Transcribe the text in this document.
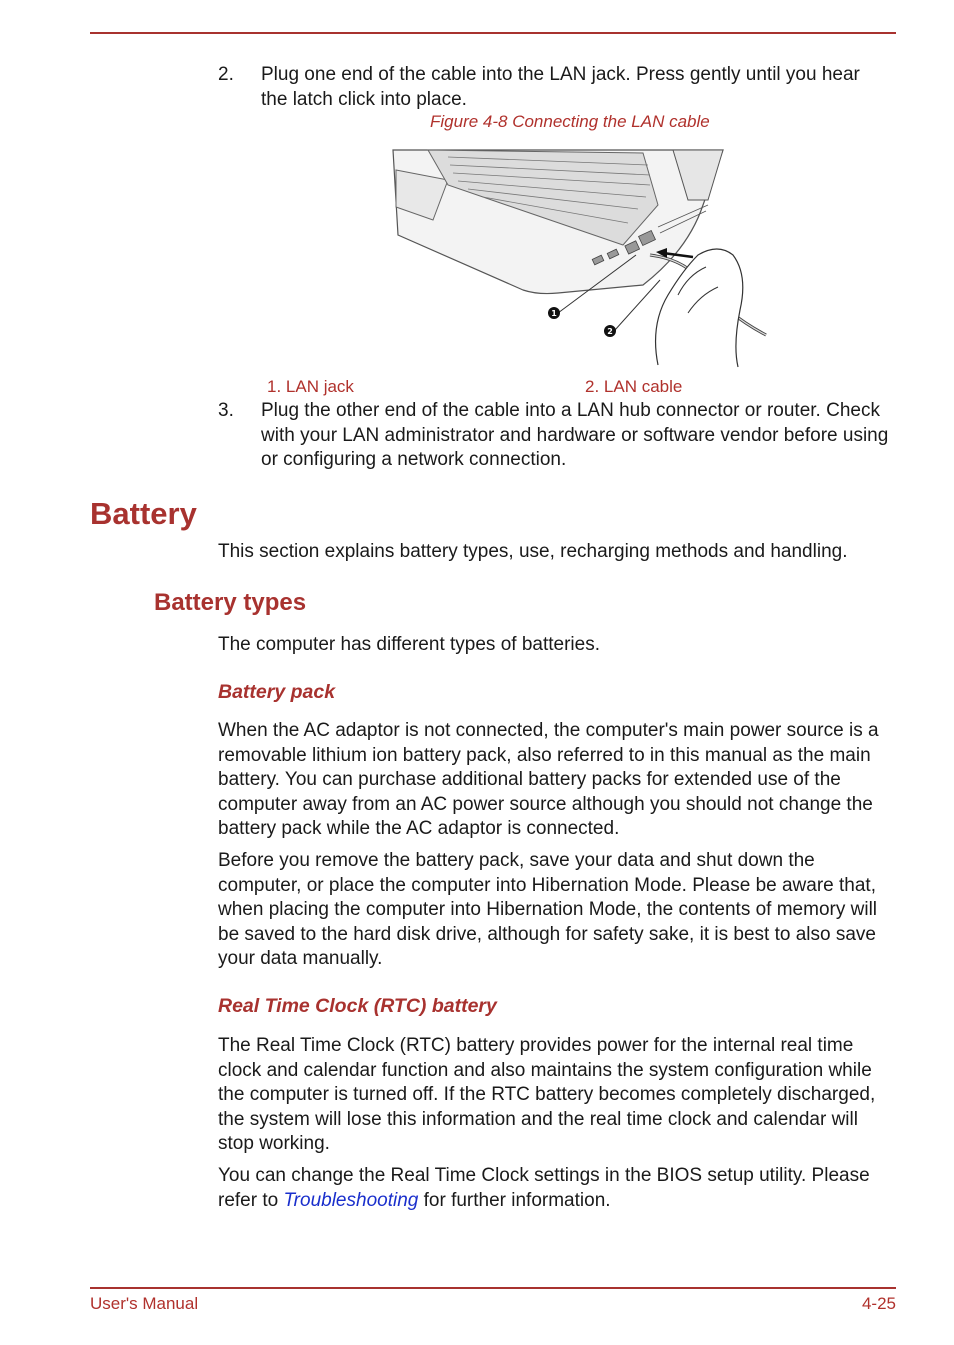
2. Plug one end of the cable into the LAN jack. Press gently until you hear the latch click into place.
Figure 4-8 Connecting the LAN cable
1
2
1. LAN jack	2. LAN cable
3. Plug the other end of the cable into a LAN hub connector or router. Check with your LAN administrator and hardware or software vendor before using or configuring a network connection.
Battery
This section explains battery types, use, recharging methods and handling.
Battery types
The computer has different types of batteries.
Battery pack
When the AC adaptor is not connected, the computer's main power source is a removable lithium ion battery pack, also referred to in this manual as the main battery. You can purchase additional battery packs for extended use of the computer away from an AC power source although you should not change the battery pack while the AC adaptor is connected.
Before you remove the battery pack, save your data and shut down the computer, or place the computer into Hibernation Mode. Please be aware that, when placing the computer into Hibernation Mode, the contents of memory will be saved to the hard disk drive, although for safety sake, it is best to also save your data manually.
Real Time Clock (RTC) battery
The Real Time Clock (RTC) battery provides power for the internal real time clock and calendar function and also maintains the system configuration while the computer is turned off. If the RTC battery becomes completely discharged, the system will lose this information and the real time clock and calendar will stop working.
You can change the Real Time Clock settings in the BIOS setup utility. Please refer to Troubleshooting for further information.
User's Manual	4-25
